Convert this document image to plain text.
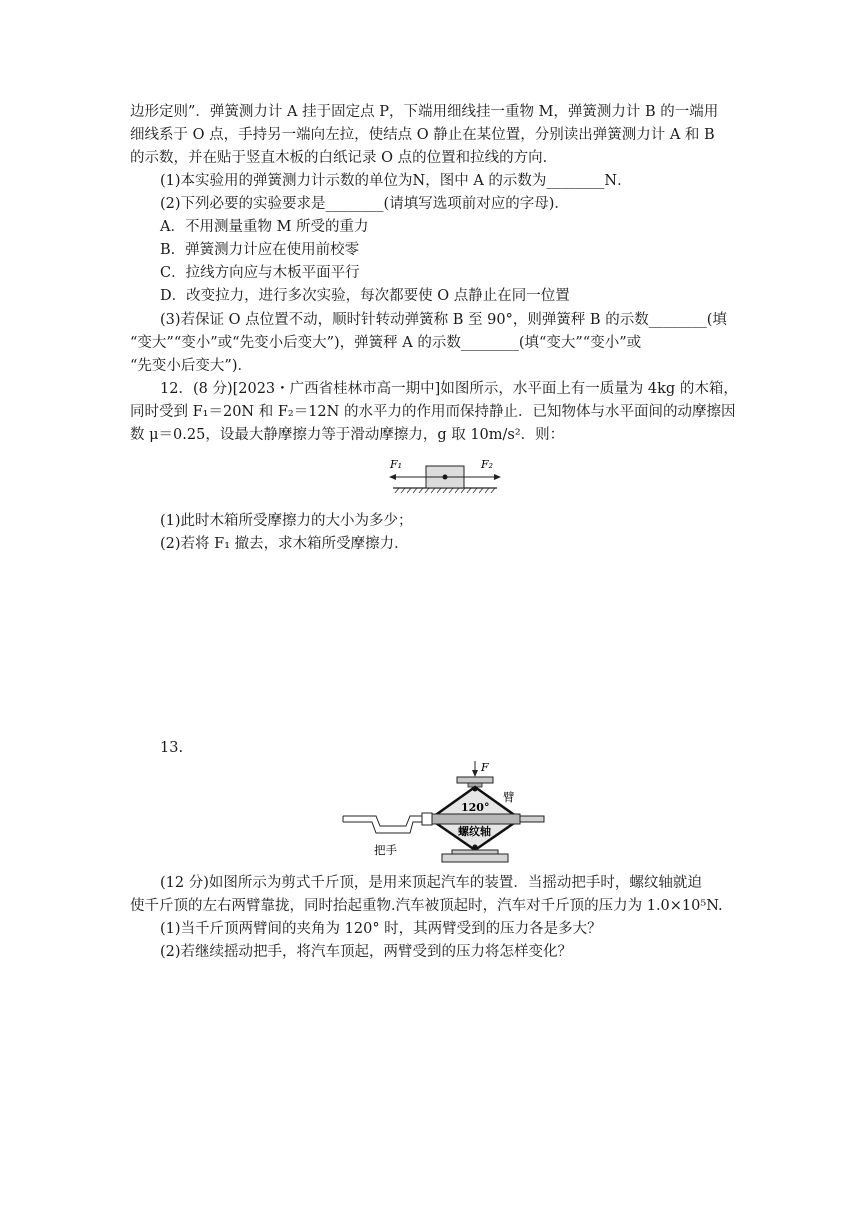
边形定则”．弹簧测力计 A 挂于固定点 P，下端用细线挂一重物 M，弹簧测力计 B 的一端用
细线系于 O 点，手持另一端向左拉，使结点 O 静止在某位置，分别读出弹簧测力计 A 和 B
的示数，并在贴于竖直木板的白纸记录 O 点的位置和拉线的方向．
(1)本实验用的弹簧测力计示数的单位为N，图中 A 的示数为________N．
(2)下列必要的实验要求是________(请填写选项前对应的字母)．
A．不用测量重物 M 所受的重力
B．弹簧测力计应在使用前校零
C．拉线方向应与木板平面平行
D．改变拉力，进行多次实验，每次都要使 O 点静止在同一位置
(3)若保证 O 点位置不动，顺时针转动弹簧称 B 至 90°，则弹簧秤 B 的示数________(填
“变大”“变小”或“先变小后变大”)，弹簧秤 A 的示数________(填“变大”“变小”或
“先变小后变大”)．
12．(8 分)[2023・广西省桂林市高一期中]如图所示，水平面上有一质量为 4kg 的木箱，
同时受到 F₁＝20N 和 F₂＝12N 的水平力的作用而保持静止．已知物体与水平面间的动摩擦因
数 μ＝0.25，设最大静摩擦力等于滑动摩擦力，g 取 10m/s²．则：
F₁	F₂
(1)此时木箱所受摩擦力的大小为多少；
(2)若将 F₁ 撤去，求木箱所受摩擦力．
13.
F
120°
臂
螺纹轴
把手
(12 分)如图所示为剪式千斤顶，是用来顶起汽车的装置．当摇动把手时，螺纹轴就迫
使千斤顶的左右两臂靠拢，同时抬起重物.汽车被顶起时，汽车对千斤顶的压力为 1.0×10⁵N.
(1)当千斤顶两臂间的夹角为 120° 时，其两臂受到的压力各是多大？
(2)若继续摇动把手，将汽车顶起，两臂受到的压力将怎样变化？
